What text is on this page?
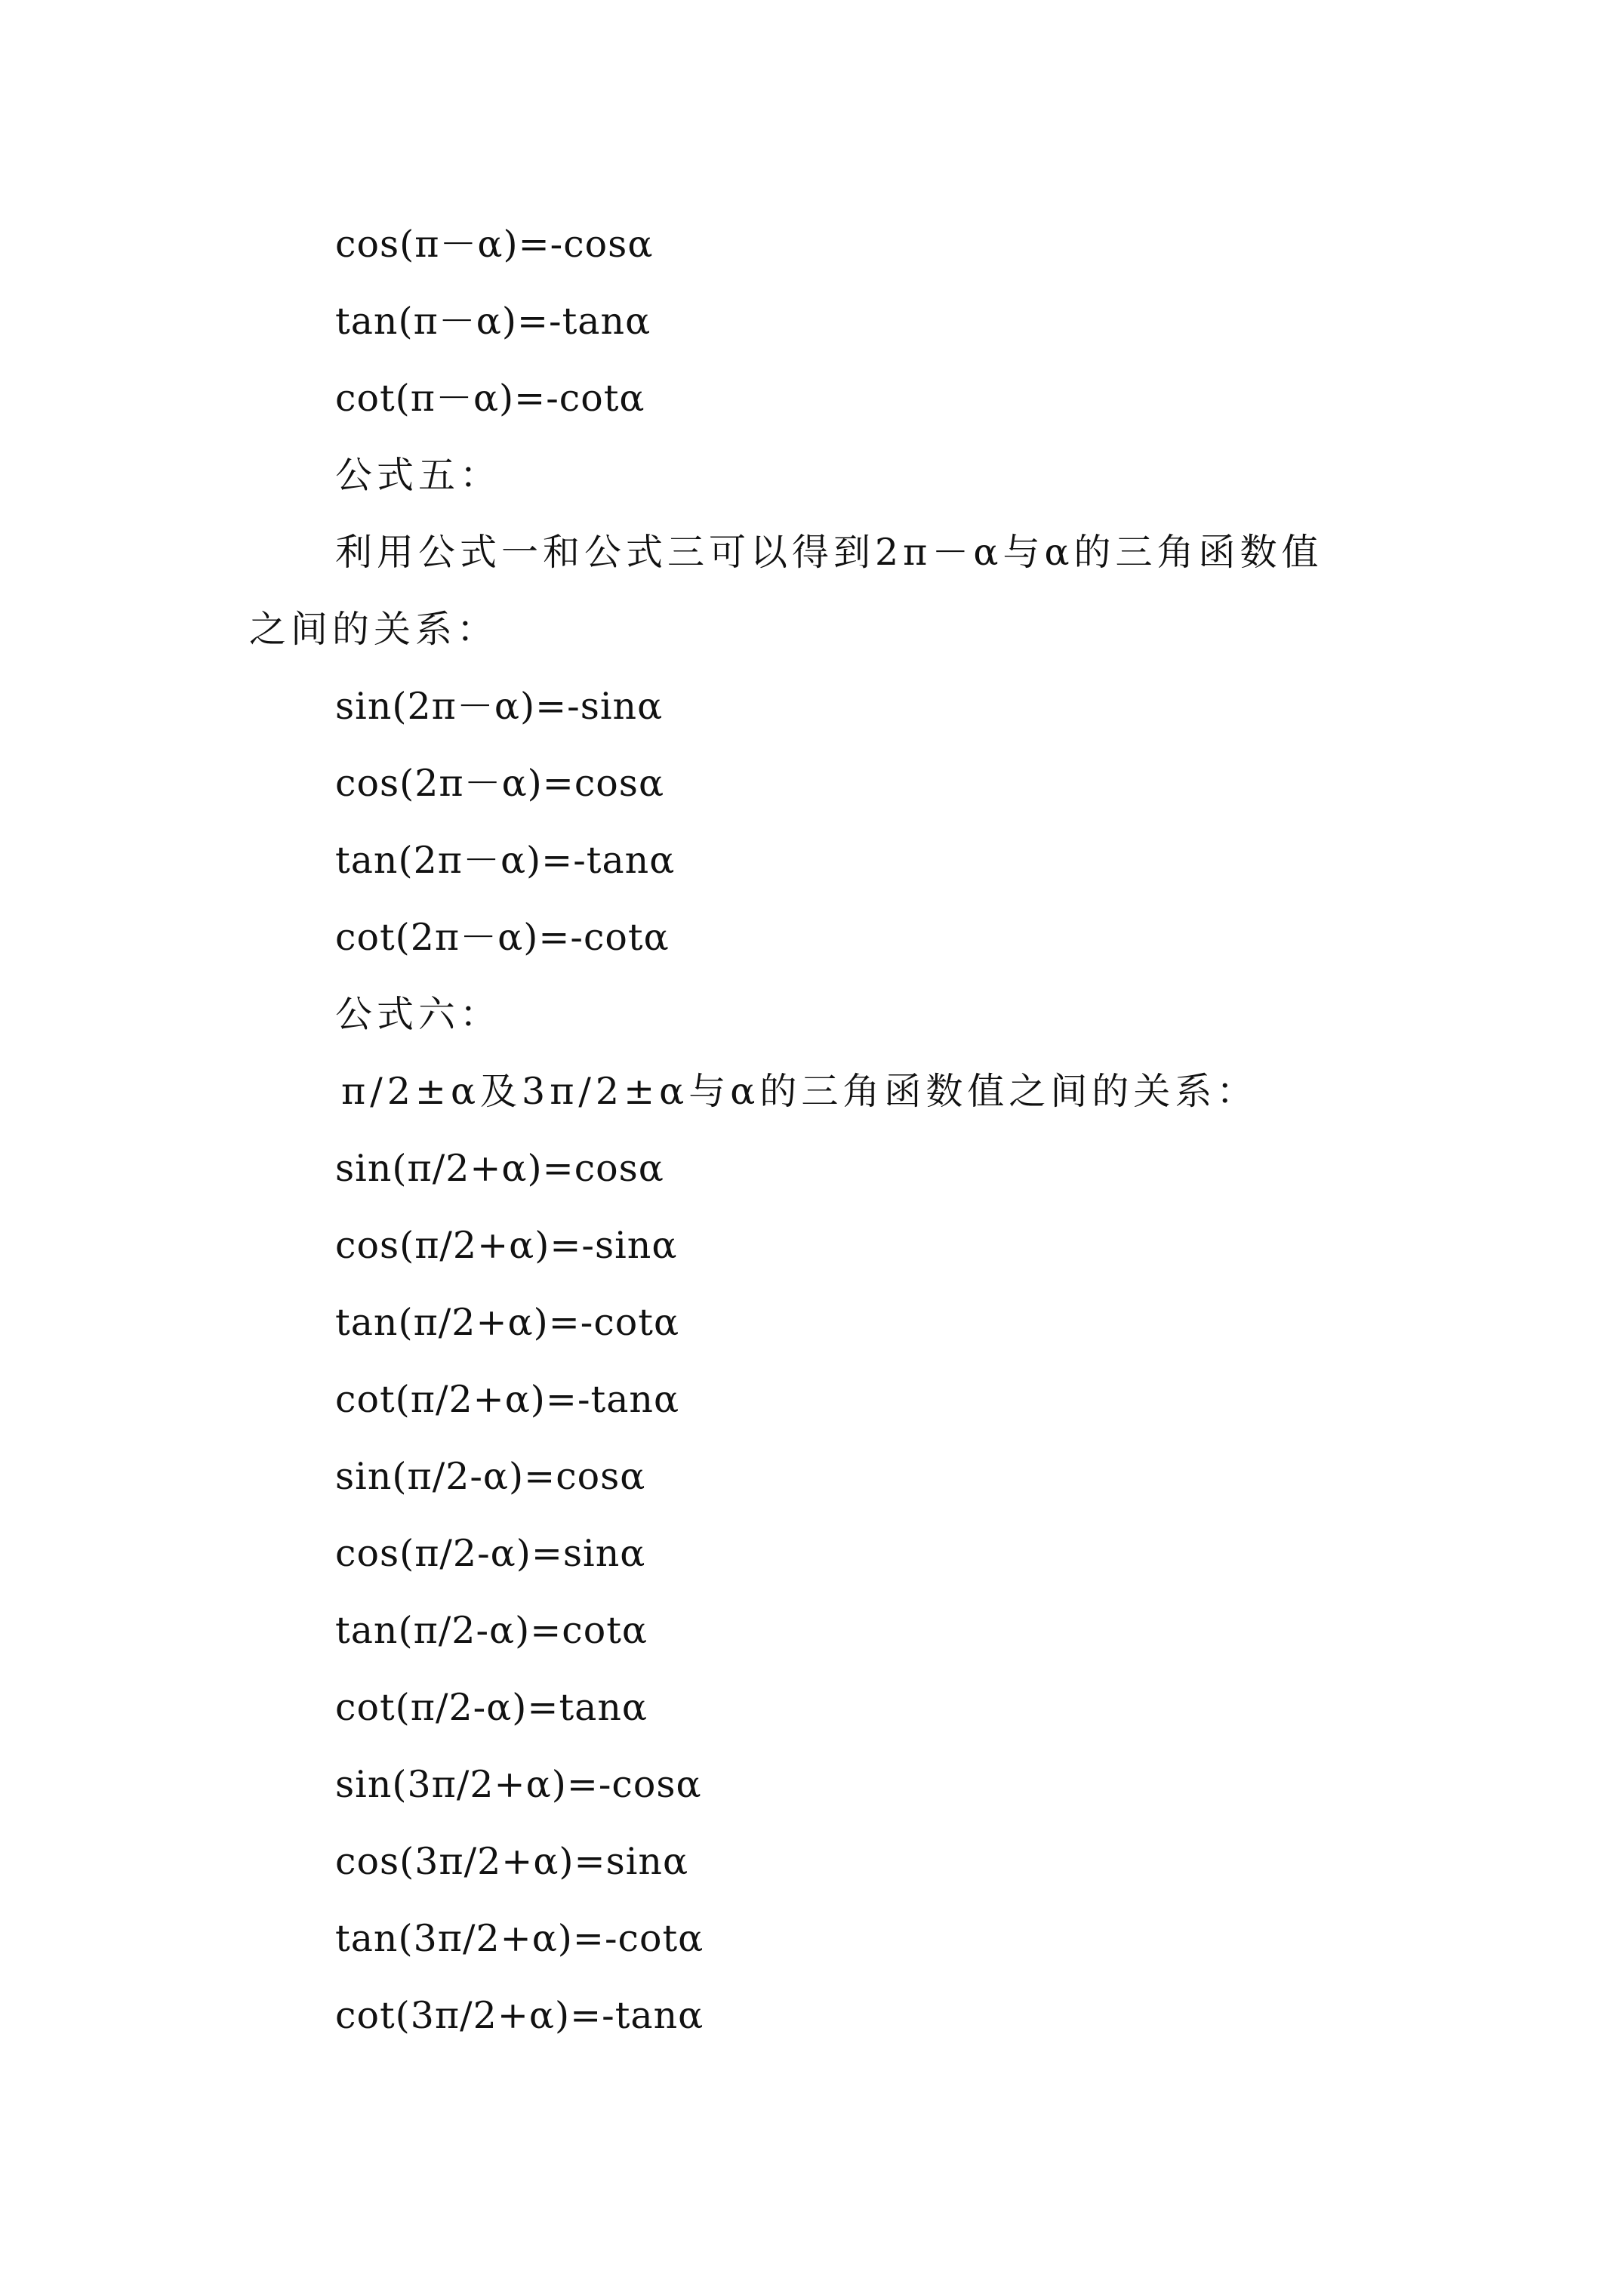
cos(π－α)=-cosα
tan(π－α)=-tanα
cot(π－α)=-cotα
公式五：
利用公式一和公式三可以得到2π－α与α的三角函数值
之间的关系：
sin(2π－α)=-sinα
cos(2π－α)=cosα
tan(2π－α)=-tanα
cot(2π－α)=-cotα
公式六：
π/2±α及3π/2±α与α的三角函数值之间的关系：
sin(π/2+α)=cosα
cos(π/2+α)=-sinα
tan(π/2+α)=-cotα
cot(π/2+α)=-tanα
sin(π/2-α)=cosα
cos(π/2-α)=sinα
tan(π/2-α)=cotα
cot(π/2-α)=tanα
sin(3π/2+α)=-cosα
cos(3π/2+α)=sinα
tan(3π/2+α)=-cotα
cot(3π/2+α)=-tanα
